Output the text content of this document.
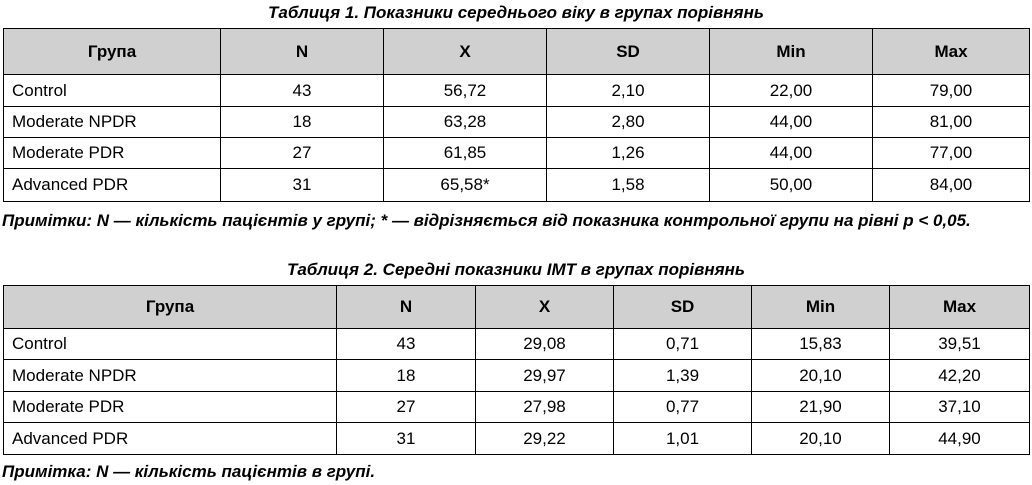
Таблиця 1. Показники середнього віку в групах порівнянь
Група	N	X	SD	Min	Max
Control	43	56,72	2,10	22,00	79,00
Moderate NPDR	18	63,28	2,80	44,00	81,00
Moderate PDR	27	61,85	1,26	44,00	77,00
Advanced PDR	31	65,58*	1,58	50,00	84,00
Примітки: N — кількість пацієнтів у групі; * — відрізняється від показника контрольної групи на рівні p < 0,05.
Таблиця 2. Середні показники IMT в групах порівнянь
Група	N	X	SD	Min	Max
Control	43	29,08	0,71	15,83	39,51
Moderate NPDR	18	29,97	1,39	20,10	42,20
Moderate PDR	27	27,98	0,77	21,90	37,10
Advanced PDR	31	29,22	1,01	20,10	44,90
Примітка: N — кількість пацієнтів в групі.
